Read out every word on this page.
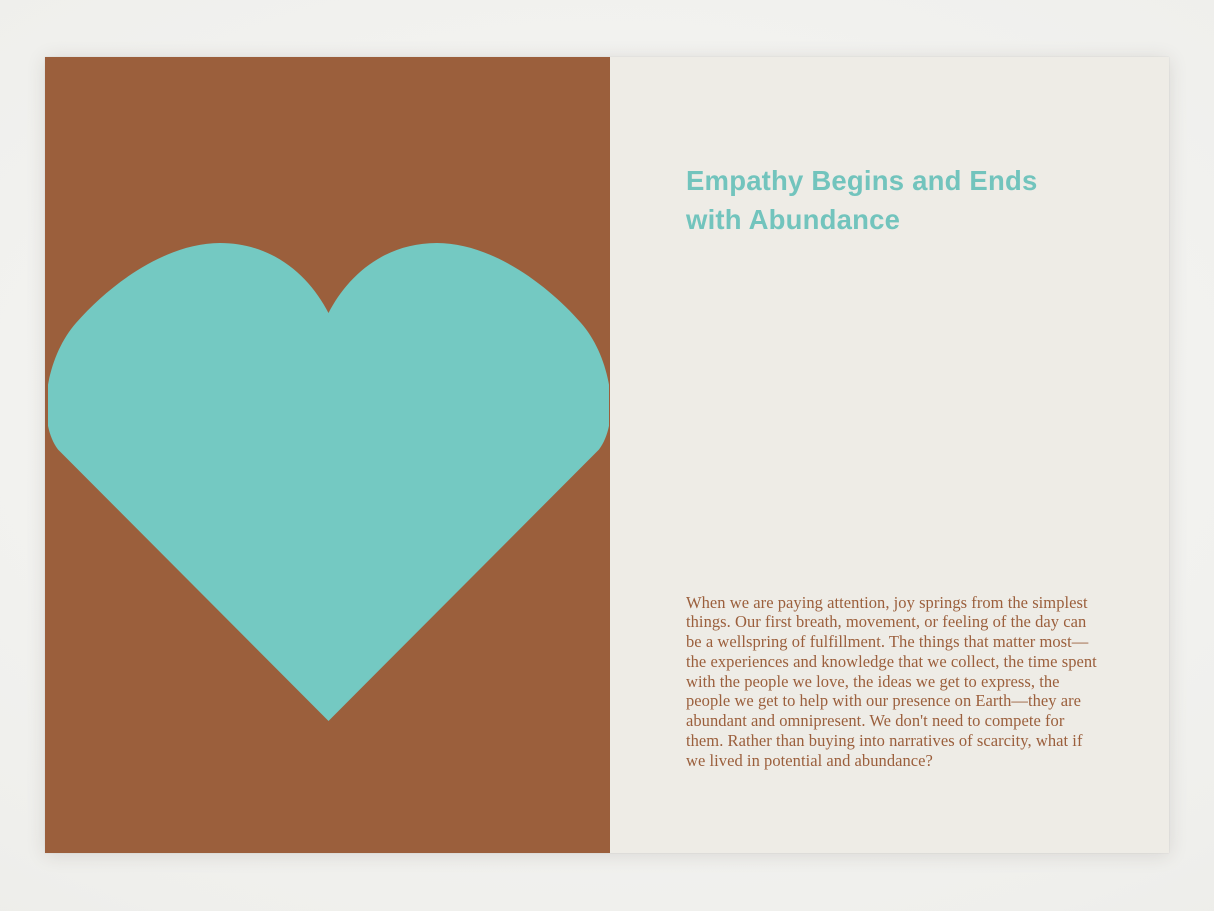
Empathy Begins and Ends with Abundance

When we are paying attention, joy springs from the simplest things. Our first breath, movement, or feeling of the day can be a wellspring of fulfillment. The things that matter most—the experiences and knowledge that we collect, the time spent with the people we love, the ideas we get to express, the people we get to help with our presence on Earth—they are abundant and omnipresent. We don't need to compete for them. Rather than buying into narratives of scarcity, what if we lived in potential and abundance?
